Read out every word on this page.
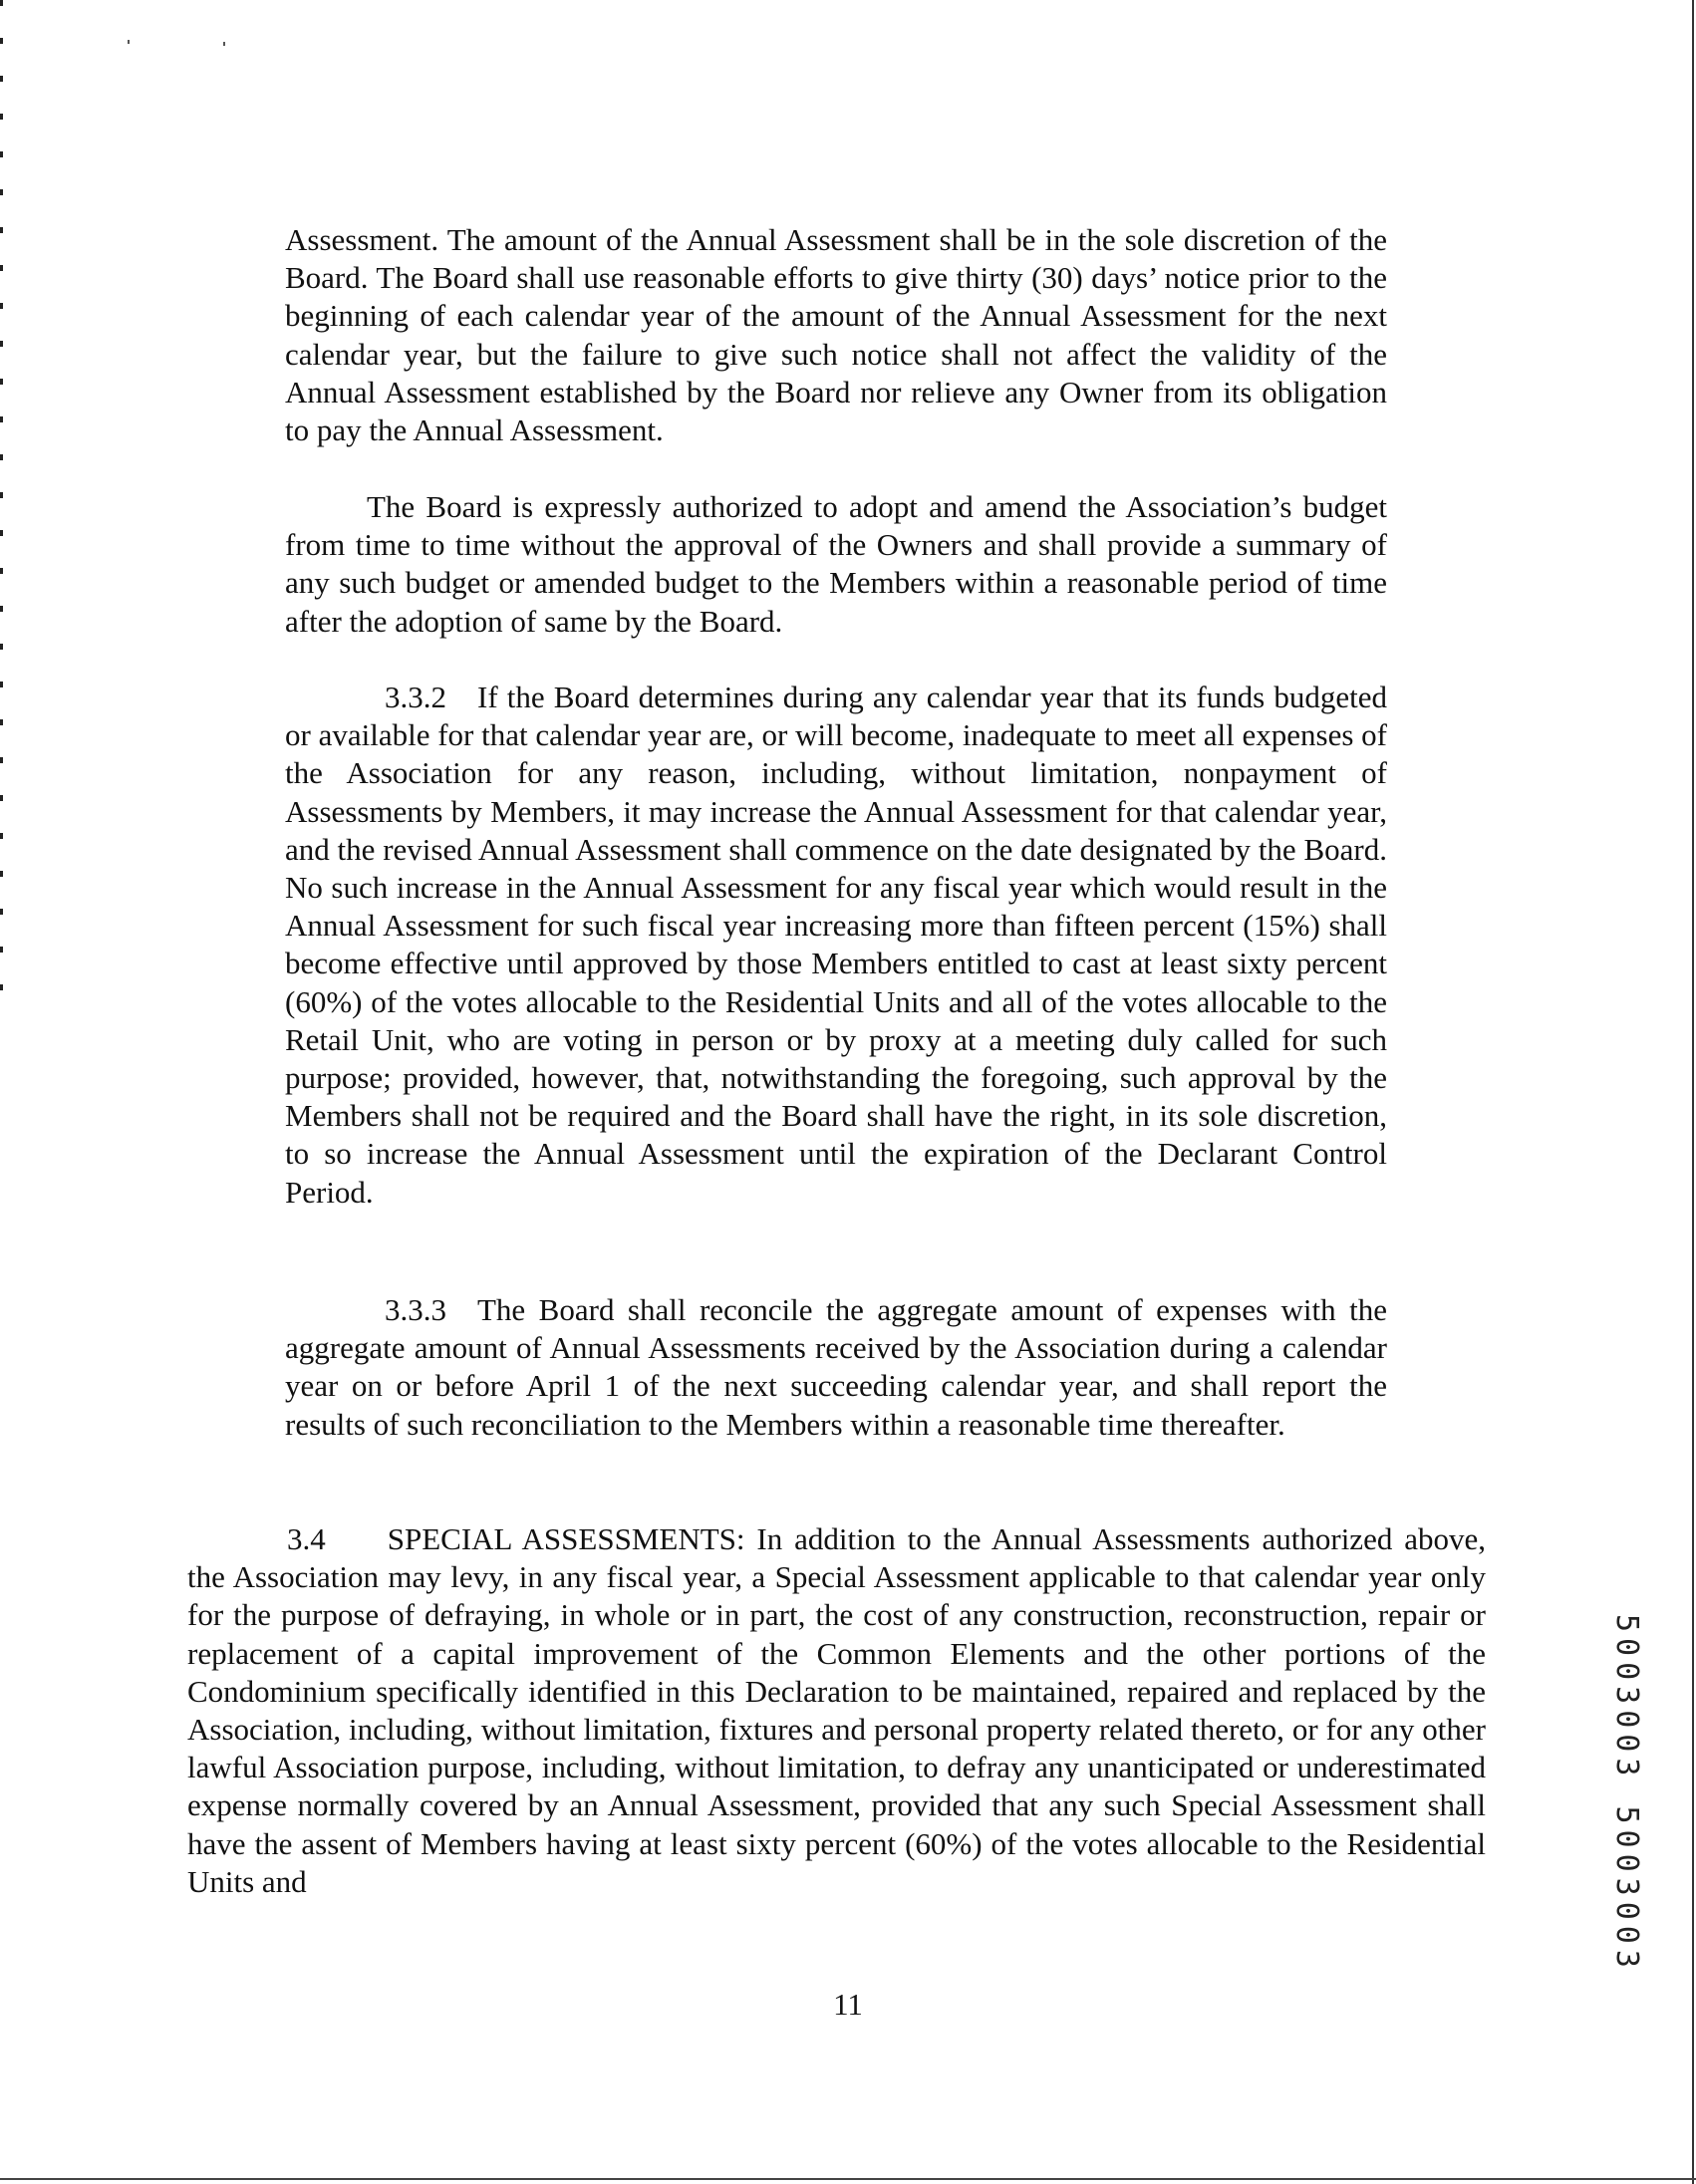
Assessment. The amount of the Annual Assessment shall be in the sole discretion of the Board. The Board shall use reasonable efforts to give thirty (30) days’ notice prior to the beginning of each calendar year of the amount of the Annual Assessment for the next calendar year, but the failure to give such notice shall not affect the validity of the Annual Assessment established by the Board nor relieve any Owner from its obligation to pay the Annual Assessment.

The Board is expressly authorized to adopt and amend the Association’s budget from time to time without the approval of the Owners and shall provide a summary of any such budget or amended budget to the Members within a reasonable period of time after the adoption of same by the Board.

3.3.2 If the Board determines during any calendar year that its funds budgeted or available for that calendar year are, or will become, inadequate to meet all expenses of the Association for any reason, including, without limitation, nonpayment of Assessments by Members, it may increase the Annual Assessment for that calendar year, and the revised Annual Assessment shall commence on the date designated by the Board. No such increase in the Annual Assessment for any fiscal year which would result in the Annual Assessment for such fiscal year increasing more than fifteen percent (15%) shall become effective until approved by those Members entitled to cast at least sixty percent (60%) of the votes allocable to the Residential Units and all of the votes allocable to the Retail Unit, who are voting in person or by proxy at a meeting duly called for such purpose; provided, however, that, notwithstanding the foregoing, such approval by the Members shall not be required and the Board shall have the right, in its sole discretion, to so increase the Annual Assessment until the expiration of the Declarant Control Period.

3.3.3 The Board shall reconcile the aggregate amount of expenses with the aggregate amount of Annual Assessments received by the Association during a calendar year on or before April 1 of the next succeeding calendar year, and shall report the results of such reconciliation to the Members within a reasonable time thereafter.

3.4  SPECIAL ASSESSMENTS: In addition to the Annual Assessments authorized above, the Association may levy, in any fiscal year, a Special Assessment applicable to that calendar year only for the purpose of defraying, in whole or in part, the cost of any construction, reconstruction, repair or replacement of a capital improvement of the Common Elements and the other portions of the Condominium specifically identified in this Declaration to be maintained, repaired and replaced by the Association, including, without limitation, fixtures and personal property related thereto, or for any other lawful Association purpose, including, without limitation, to defray any unanticipated or underestimated expense normally covered by an Annual Assessment, provided that any such Special Assessment shall have the assent of Members having at least sixty percent (60%) of the votes allocable to the Residential Units and

11
5003003 5003003
